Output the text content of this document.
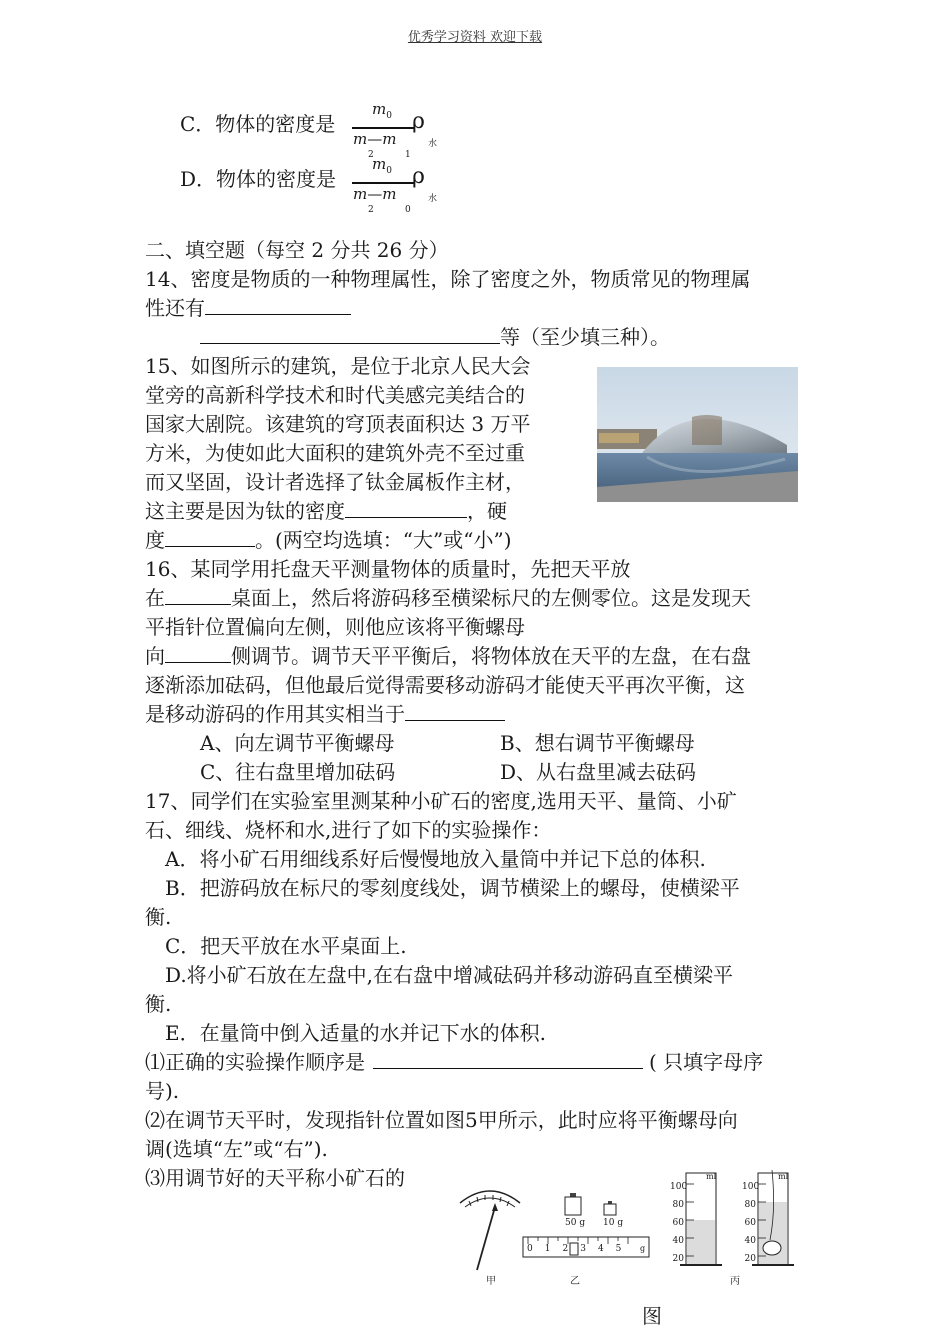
优秀学习资料 欢迎下载
C．物体的密度是
$m_0$ ρ
水
m—m
2	1
D．物体的密度是
$m_0$ ρ
水
m—m
2	0
二、填空题（每空 2 分共 26 分）
14、密度是物质的一种物理属性，除了密度之外，物质常见的物理属
性还有
等（至少填三种）。
15、如图所示的建筑，是位于北京人民大会
堂旁的高新科学技术和时代美感完美结合的
国家大剧院。该建筑的穹顶表面积达 3 万平
方米，为使如此大面积的建筑外壳不至过重
而又坚固，设计者选择了钛金属板作主材，
这主要是因为钛的密度	，硬
度	。(两空均选填：“大”或“小”)
16、某同学用托盘天平测量物体的质量时，先把天平放
在	桌面上，然后将游码移至横梁标尺的左侧零位。这是发现天
平指针位置偏向左侧，则他应该将平衡螺母
向	侧调节。调节天平平衡后，将物体放在天平的左盘，在右盘
逐渐添加砝码，但他最后觉得需要移动游码才能使天平再次平衡，这
是移动游码的作用其实相当于
A、向左调节平衡螺母	B、想右调节平衡螺母
C、往右盘里增加砝码	D、从右盘里减去砝码
17、同学们在实验室里测某种小矿石的密度,选用天平、量筒、小矿
石、细线、烧杯和水,进行了如下的实验操作：
A．将小矿石用细线系好后慢慢地放入量筒中并记下总的体积.
B．把游码放在标尺的零刻度线处，调节横梁上的螺母，使横梁平
衡.
C．把天平放在水平桌面上.
D.将小矿石放在左盘中,在右盘中增减砝码并移动游码直至横梁平
衡.
E．在量筒中倒入适量的水并记下水的体积.
⑴正确的实验操作顺序是	( 只填字母序
号).
⑵在调节天平时，发现指针位置如图5甲所示，此时应将平衡螺母向
调(选填“左”或“右”).
⑶用调节好的天平称小矿石的
甲
50 g 10 g
012345 g
乙
ml	ml
100
80
60
40
20
100
80
60
40
20
丙
图
